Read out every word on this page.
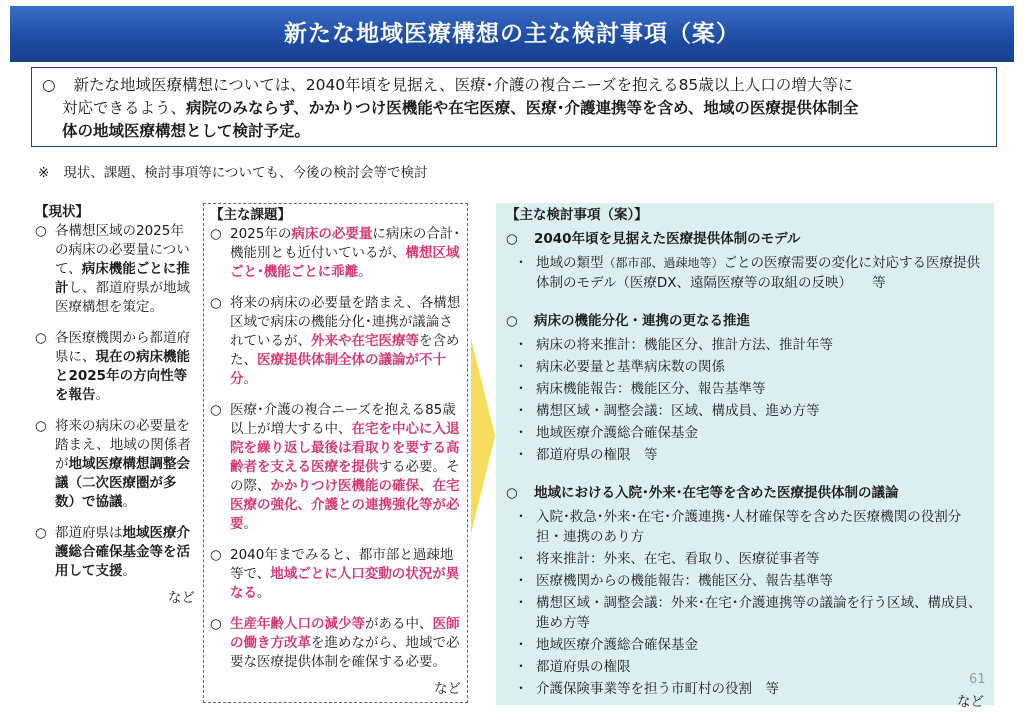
新たな地域医療構想の主な検討事項（案）
○ 新たな地域医療構想については、2040年頃を見据え、医療･介護の複合ニーズを抱える85歳以上人口の増大等に
対応できるよう、病院のみならず、かかりつけ医機能や在宅医療、医療･介護連携等を含め、地域の医療提供体制全
体の地域医療構想として検討予定。
※ 現状、課題、検討事項等についても、今後の検討会等で検討
【現状】
○ 各構想区域の2025年の病床の必要量について、病床機能ごとに推計し、都道府県が地域医療構想を策定。
○ 各医療機関から都道府県に、現在の病床機能と2025年の方向性等を報告。
○ 将来の病床の必要量を踏まえ、地域の関係者が地域医療構想調整会議（二次医療圏が多数）で協議。
○ 都道府県は地域医療介護総合確保基金等を活用して支援。
など
【主な課題】
○ 2025年の病床の必要量に病床の合計･機能別とも近付いているが、構想区域ごと･機能ごとに乖離。
○ 将来の病床の必要量を踏まえ、各構想区域で病床の機能分化･連携が議論されているが、外来や在宅医療等を含めた、医療提供体制全体の議論が不十分。
○ 医療･介護の複合ニーズを抱える85歳以上が増大する中、在宅を中心に入退院を繰り返し最後は看取りを要する高齢者を支える医療を提供する必要。その際、かかりつけ医機能の確保、在宅医療の強化、介護との連携強化等が必要。
○ 2040年までみると、都市部と過疎地等で、地域ごとに人口変動の状況が異なる。
○ 生産年齢人口の減少等がある中、医師の働き方改革を進めながら、地域で必要な医療提供体制を確保する必要。
など
【主な検討事項（案）】
○	2040年頃を見据えた医療提供体制のモデル
・ 地域の類型（都市部、過疎地等）ごとの医療需要の変化に対応する医療提供体制のモデル（医療DX、遠隔医療等の取組の反映）　　等
○	病床の機能分化・連携の更なる推進
・ 病床の将来推計：機能区分、推計方法、推計年等
・ 病床必要量と基準病床数の関係
・ 病床機能報告：機能区分、報告基準等
・ 構想区域・調整会議：区域、構成員、進め方等
・ 地域医療介護総合確保基金
・ 都道府県の権限　等
○	地域における入院･外来･在宅等を含めた医療提供体制の議論
・ 入院･救急･外来･在宅･介護連携･人材確保等を含めた医療機関の役割分担・連携のあり方
・ 将来推計：外来、在宅、看取り、医療従事者等
・ 医療機関からの機能報告：機能区分、報告基準等
・ 構想区域・調整会議：外来･在宅･介護連携等の議論を行う区域、構成員、進め方等
・ 地域医療介護総合確保基金
・ 都道府県の権限
・ 介護保険事業等を担う市町村の役割　等
61
など
